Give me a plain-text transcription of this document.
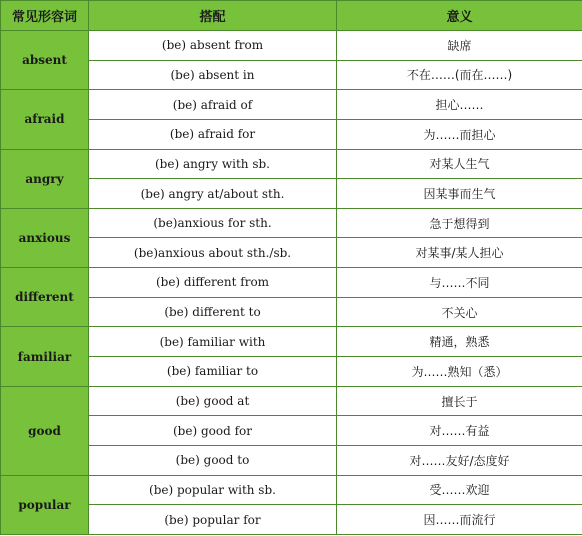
常见形容词	搭配	意义
absent	(be) absent from	缺席
	(be) absent in	不在……(而在……)
afraid	(be) afraid of	担心……
	(be) afraid for	为……而担心
angry	(be) angry with sb.	对某人生气
	(be) angry at/about sth.	因某事而生气
anxious	(be)anxious for sth.	急于想得到
	(be)anxious about sth./sb.	对某事/某人担心
different	(be) different from	与……不同
	(be) different to	不关心
familiar	(be) familiar with	精通，熟悉
	(be) familiar to	为……熟知（悉）
good	(be) good at	擅长于
	(be) good for	对……有益
	(be) good to	对……友好/态度好
popular	(be) popular with sb.	受……欢迎
	(be) popular for	因……而流行
